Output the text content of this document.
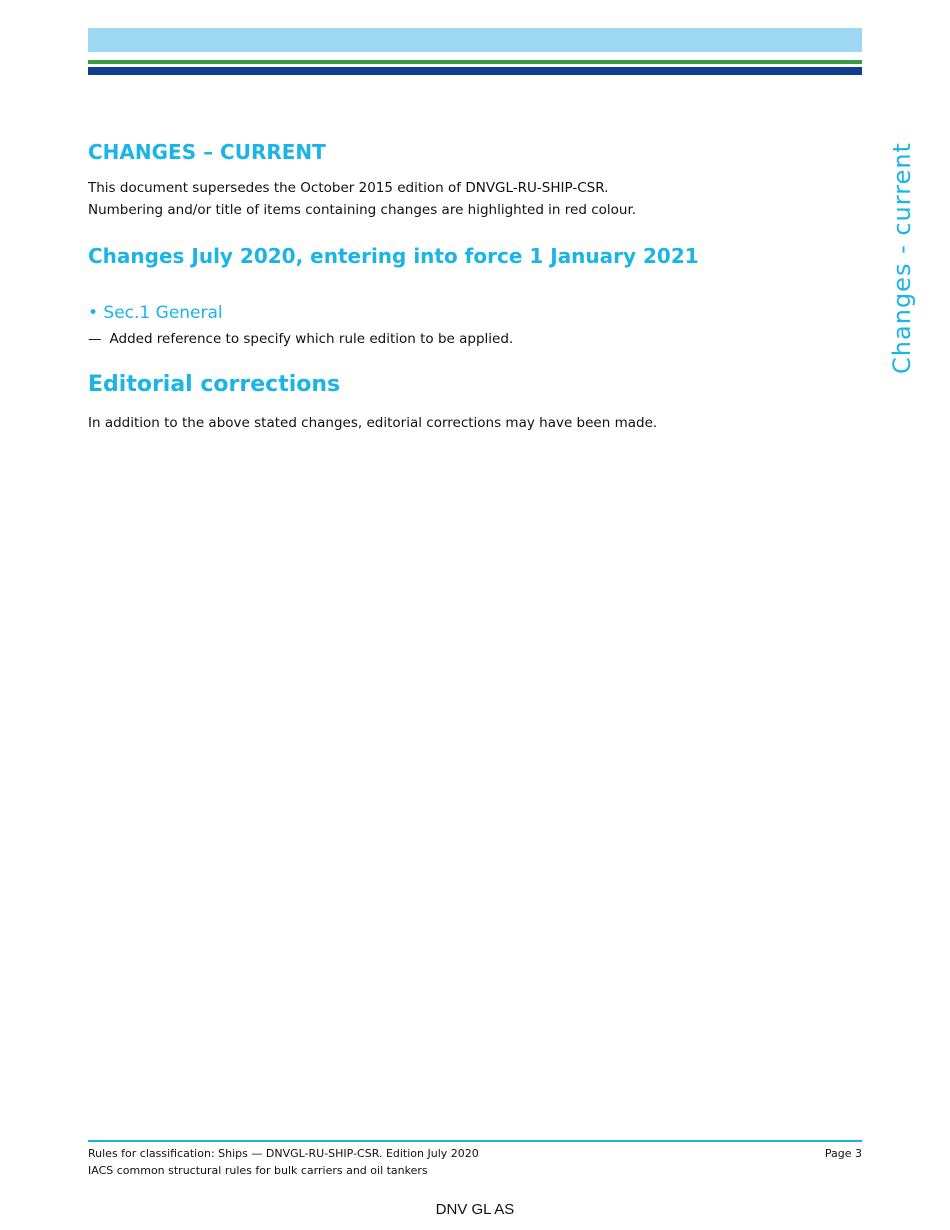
CHANGES – CURRENT

This document supersedes the October 2015 edition of DNVGL-RU-SHIP-CSR.

Numbering and/or title of items containing changes are highlighted in red colour.

Changes July 2020, entering into force 1 January 2021
• Sec.1 General
— Added reference to specify which rule edition to be applied.
Editorial corrections

In addition to the above stated changes, editorial corrections may have been made.

Changes - current
Rules for classification: Ships — DNVGL-RU-SHIP-CSR. Edition July 2020
IACS common structural rules for bulk carriers and oil tankers
Page 3
DNV GL AS
